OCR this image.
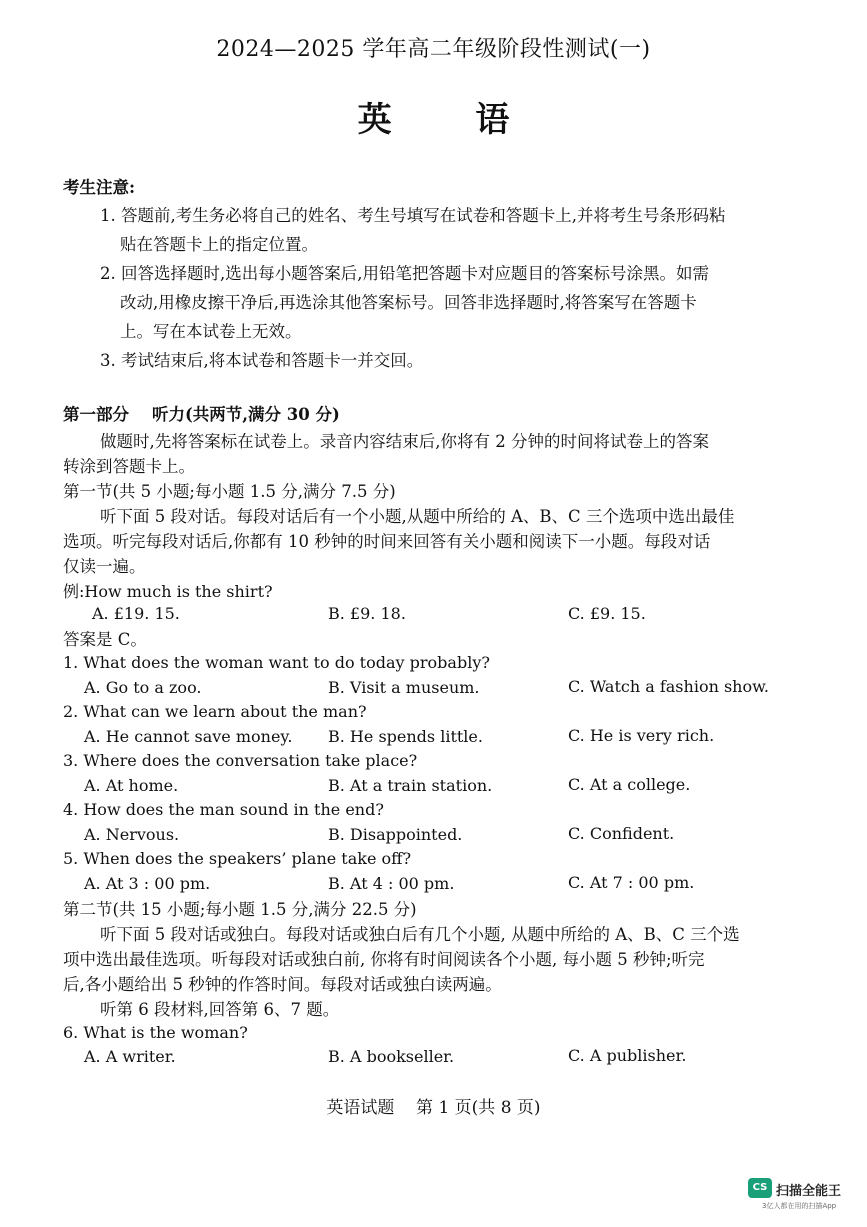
2024—2025 学年高二年级阶段性测试(一)
英 语
考生注意:
1. 答题前,考生务必将自己的姓名、考生号填写在试卷和答题卡上,并将考生号条形码粘
贴在答题卡上的指定位置。
2. 回答选择题时,选出每小题答案后,用铅笔把答题卡对应题目的答案标号涂黑。如需
改动,用橡皮擦干净后,再选涂其他答案标号。回答非选择题时,将答案写在答题卡
上。写在本试卷上无效。
3. 考试结束后,将本试卷和答题卡一并交回。
第一部分    听力(共两节,满分 30 分)
做题时,先将答案标在试卷上。录音内容结束后,你将有 2 分钟的时间将试卷上的答案
转涂到答题卡上。
第一节(共 5 小题;每小题 1.5 分,满分 7.5 分)
听下面 5 段对话。每段对话后有一个小题,从题中所给的 A、B、C 三个选项中选出最佳
选项。听完每段对话后,你都有 10 秒钟的时间来回答有关小题和阅读下一小题。每段对话
仅读一遍。
例:How much is the shirt?
A. £19. 15.	B. £9. 18.	C. £9. 15.
答案是 C。
1. What does the woman want to do today probably?
A. Go to a zoo.	B. Visit a museum.	C. Watch a fashion show.
2. What can we learn about the man?
A. He cannot save money. B. He spends little.	C. He is very rich.
3. Where does the conversation take place?
A. At home.	B. At a train station.	C. At a college.
4. How does the man sound in the end?
A. Nervous.	B. Disappointed.	C. Confident.
5. When does the speakers’ plane take off?
A. At 3 : 00 pm.	B. At 4 : 00 pm.	C. At 7 : 00 pm.
第二节(共 15 小题;每小题 1.5 分,满分 22.5 分)
听下面 5 段对话或独白。每段对话或独白后有几个小题, 从题中所给的 A、B、C 三个选
项中选出最佳选项。听每段对话或独白前, 你将有时间阅读各个小题, 每小题 5 秒钟;听完
后,各小题给出 5 秒钟的作答时间。每段对话或独白读两遍。
听第 6 段材料,回答第 6、7 题。
6. What is the woman?
A. A writer.	B. A bookseller.	C. A publisher.
英语试题    第 1 页(共 8 页)
CS 扫描全能王
3亿人都在用的扫描App
